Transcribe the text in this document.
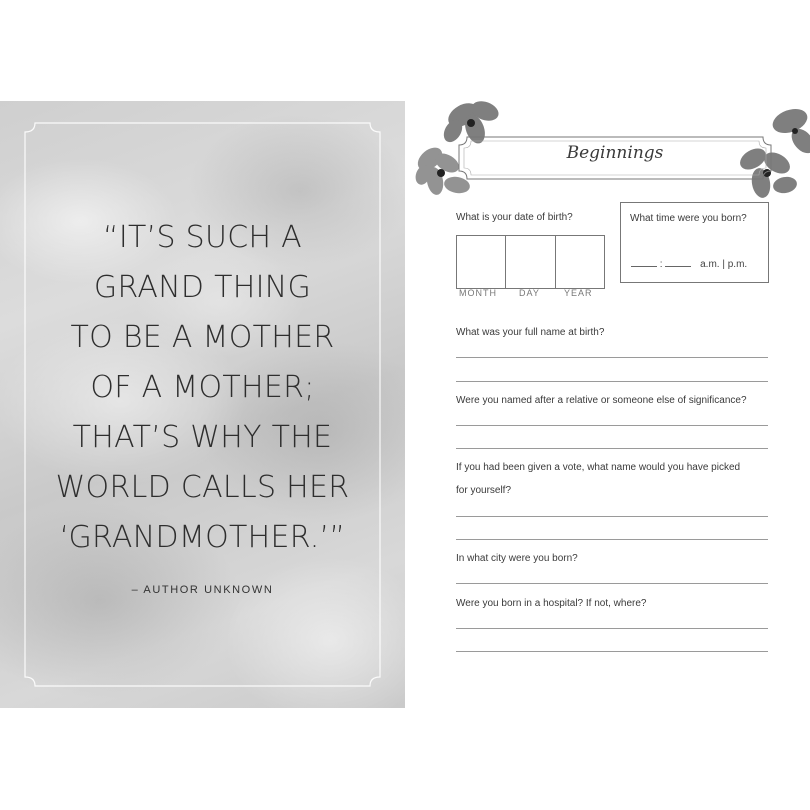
“IT’S SUCH A
GRAND THING
TO BE A MOTHER
OF A MOTHER;
THAT’S WHY THE
WORLD CALLS HER
‘GRANDMOTHER.’”

– AUTHOR UNKNOWN
Beginnings
What is your date of birth?
MONTH DAY	YEAR
What time were you born?
:	a.m. | p.m.
What was your full name at birth?
Were you named after a relative or someone else of significance?
If you had been given a vote, what name would you have picked
for yourself?
In what city were you born?
Were you born in a hospital? If not, where?
